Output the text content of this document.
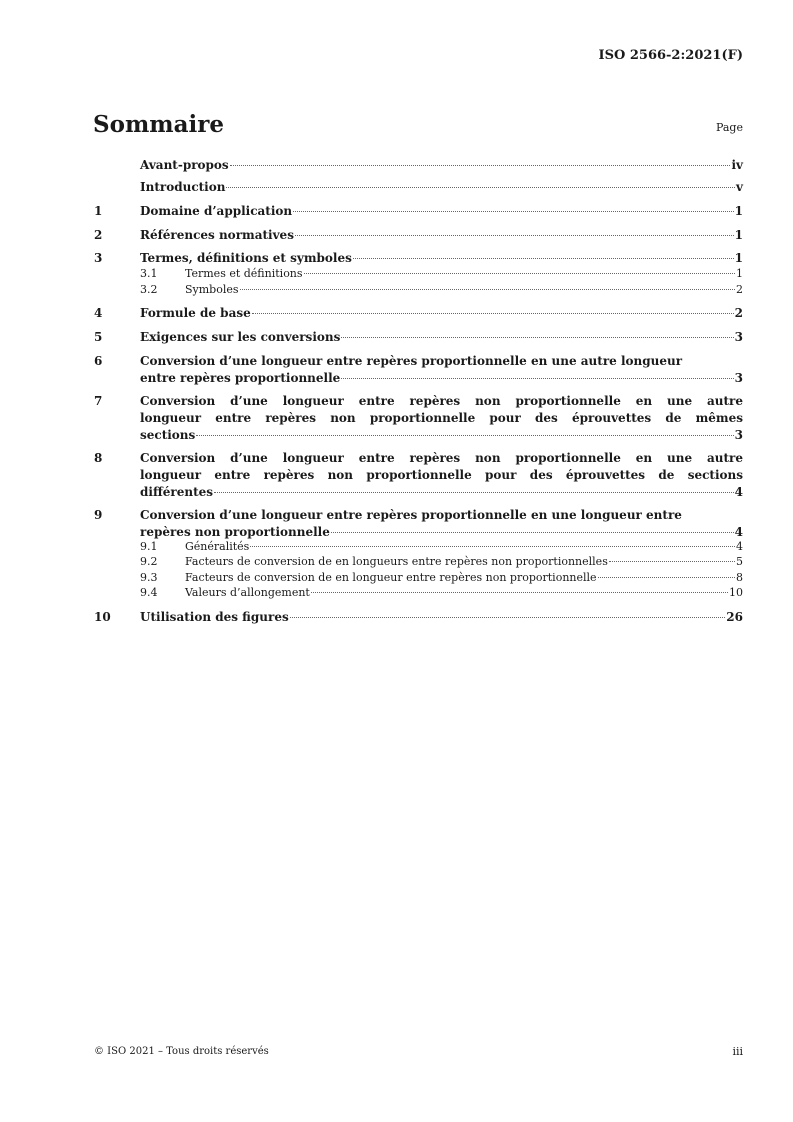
ISO 2566-2:2021(F)
Sommaire	Page
Avant-propos	iv
Introduction	v
1	Domaine d’application	1
2	Références normatives	1
3	Termes, définitions et symboles	1
3.1	Termes et définitions	1
3.2	Symboles	2
4	Formule de base	2
5	Exigences sur les conversions	3
6	Conversion d’une longueur entre repères proportionnelle en une autre longueur
entre repères proportionnelle	3
7	Conversion d’une longueur entre repères non proportionnelle en une autre
longueur entre repères non proportionnelle pour des éprouvettes de mêmes
sections	3
8	Conversion d’une longueur entre repères non proportionnelle en une autre
longueur entre repères non proportionnelle pour des éprouvettes de sections
différentes	4
9	Conversion d’une longueur entre repères proportionnelle en une longueur entre
repères non proportionnelle	4
9.1	Généralités	4
9.2	Facteurs de conversion de en longueurs entre repères non proportionnelles	5
9.3	Facteurs de conversion de en longueur entre repères non proportionnelle	8
9.4	Valeurs d’allongement	10
10 Utilisation des figures	26
© ISO 2021 – Tous droits réservés	iii
